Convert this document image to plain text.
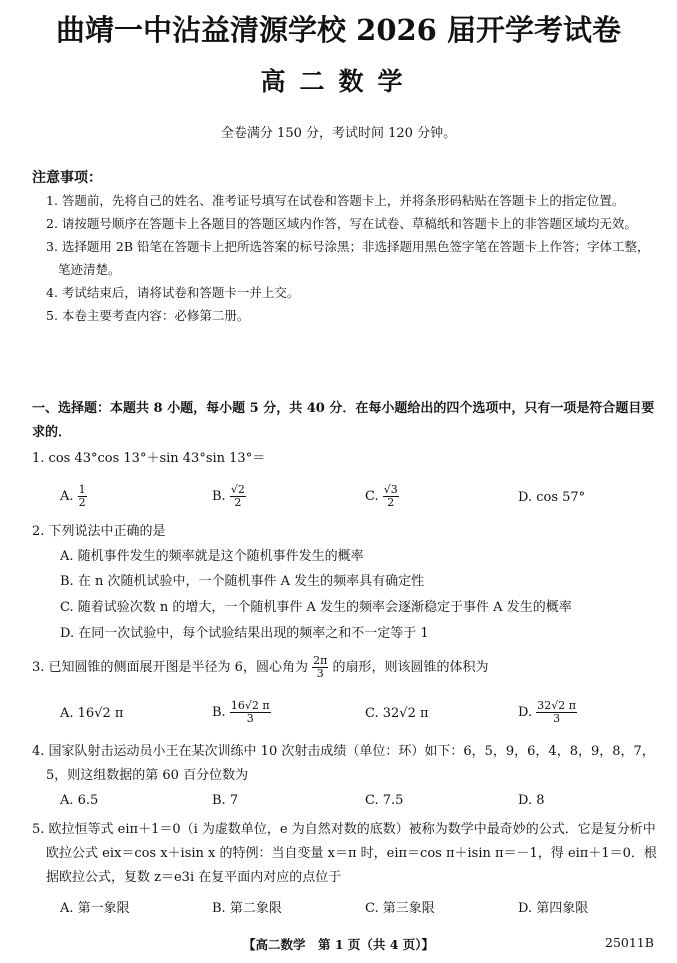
曲靖一中沾益清源学校 2026 届开学考试卷
高二数学
全卷满分 150 分，考试时间 120 分钟。
注意事项：
1. 答题前，先将自己的姓名、准考证号填写在试卷和答题卡上，并将条形码粘贴在答题卡上的指定位置。
2. 请按题号顺序在答题卡上各题目的答题区域内作答，写在试卷、草稿纸和答题卡上的非答题区域均无效。
3. 选择题用 2B 铅笔在答题卡上把所选答案的标号涂黑；非选择题用黑色签字笔在答题卡上作答；字体工整，笔迹清楚。
4. 考试结束后，请将试卷和答题卡一并上交。
5. 本卷主要考查内容：必修第二册。
一、选择题：本题共 8 小题，每小题 5 分，共 40 分．在每小题给出的四个选项中，只有一项是符合题目要求的．
1. cos 43°cos 13°＋sin 43°sin 13°＝
A. $\frac{1}{2}$	B. $\frac{√2}{2}$	C. $\frac{√3}{2}$	D. cos 57°
2. 下列说法中正确的是
A. 随机事件发生的频率就是这个随机事件发生的概率
B. 在 n 次随机试验中，一个随机事件 A 发生的频率具有确定性
C. 随着试验次数 n 的增大，一个随机事件 A 发生的频率会逐渐稳定于事件 A 发生的概率
D. 在同一次试验中，每个试验结果出现的频率之和不一定等于 1
3. 已知圆锥的侧面展开图是半径为 6，圆心角为 $\frac{2\pi}{3}$ 的扇形，则该圆锥的体积为
A. 16√2 π	B. $\frac{16√2 \pi}{3}$	C. 32√2 π	D. $\frac{32√2 \pi}{3}$
4. 国家队射击运动员小王在某次训练中 10 次射击成绩（单位：环）如下：6，5，9，6，4，8，9，8，7，5，则这组数据的第 60 百分位数为
A. 6.5	B. 7	C. 7.5	D. 8
5. 欧拉恒等式 eiπ＋1＝0（i 为虚数单位，e 为自然对数的底数）被称为数学中最奇妙的公式．它是复分析中欧拉公式 eix＝cos x＋isin x 的特例：当自变量 x＝π 时，eiπ＝cos π＋isin π＝－1，得 eiπ＋1＝0．根据欧拉公式，复数 z＝e3i 在复平面内对应的点位于
A. 第一象限	B. 第二象限	C. 第三象限	D. 第四象限
【高二数学　第 1 页（共 4 页）】	25011B
